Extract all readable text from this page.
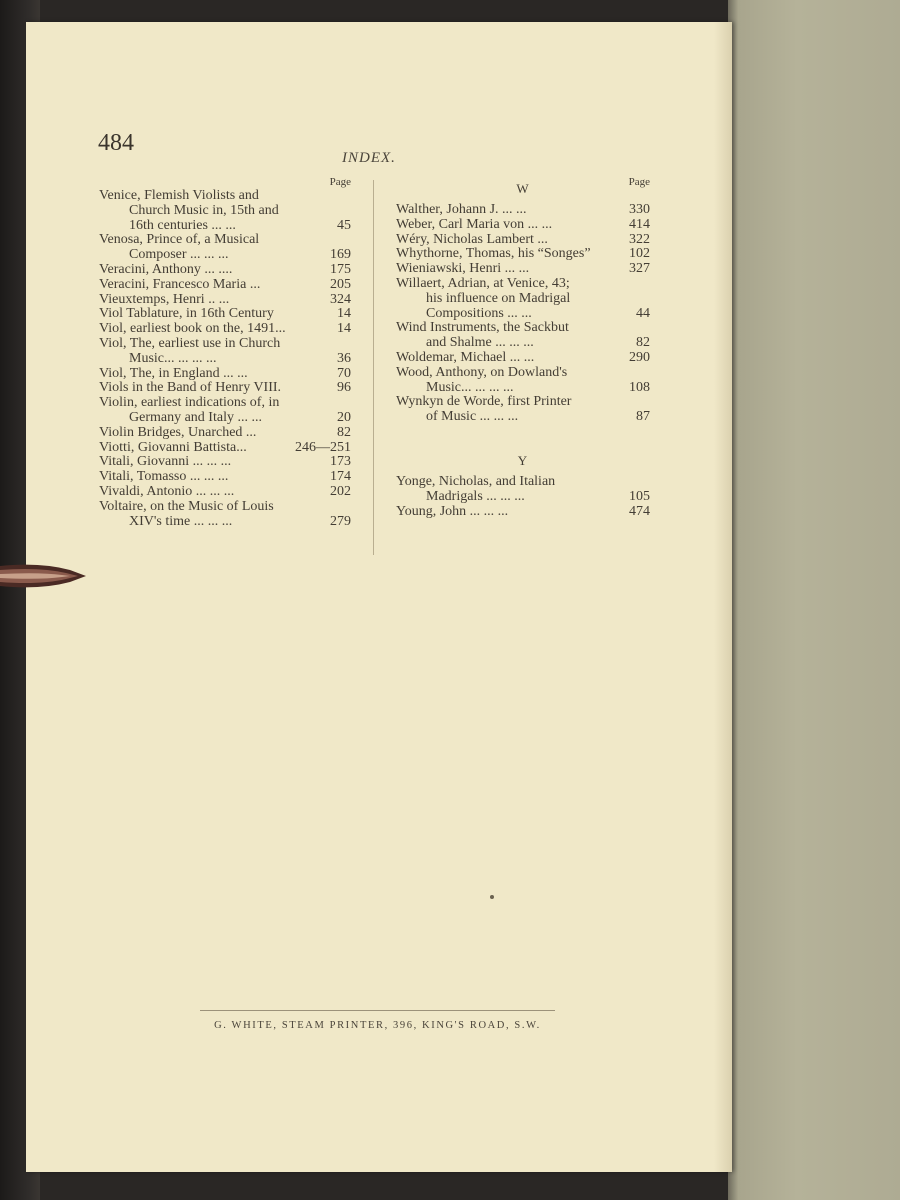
484
INDEX.
Page
Venice, Flemish Violists and
Church Music in, 15th and
16th centuries ... ...	45
Venosa, Prince of, a Musical
Composer ... ... ...	169
Veracini, Anthony ... ....	175
Veracini, Francesco Maria ...	205
Vieuxtemps, Henri .. ...	324
Viol Tablature, in 16th Century	14
Viol, earliest book on the, 1491...	14
Viol, The, earliest use in Church
Music... ... ... ...	36
Viol, The, in England ... ...	70
Viols in the Band of Henry VIII.	96
Violin, earliest indications of, in
Germany and Italy ... ...	20
Violin Bridges, Unarched ...	82
Viotti, Giovanni Battista...	246—251
Vitali, Giovanni ... ... ...	173
Vitali, Tomasso ... ... ...	174
Vivaldi, Antonio ... ... ...	202
Voltaire, on the Music of Louis
XIV's time ... ... ...	279
Page
W
Walther, Johann J. ... ...	330
Weber, Carl Maria von ... ...	414
Wéry, Nicholas Lambert ...	322
Whythorne, Thomas, his “Songes”	102
Wieniawski, Henri ... ...	327
Willaert, Adrian, at Venice, 43;
his influence on Madrigal
Compositions ... ...	44
Wind Instruments, the Sackbut
and Shalme ... ... ...	82
Woldemar, Michael ... ...	290
Wood, Anthony, on Dowland's
Music... ... ... ...	108
Wynkyn de Worde, first Printer
of Music ... ... ...	87
Y
Yonge, Nicholas, and Italian
Madrigals ... ... ...	105
Young, John ... ... ...	474
G. WHITE, STEAM PRINTER, 396, KING'S ROAD, S.W.
